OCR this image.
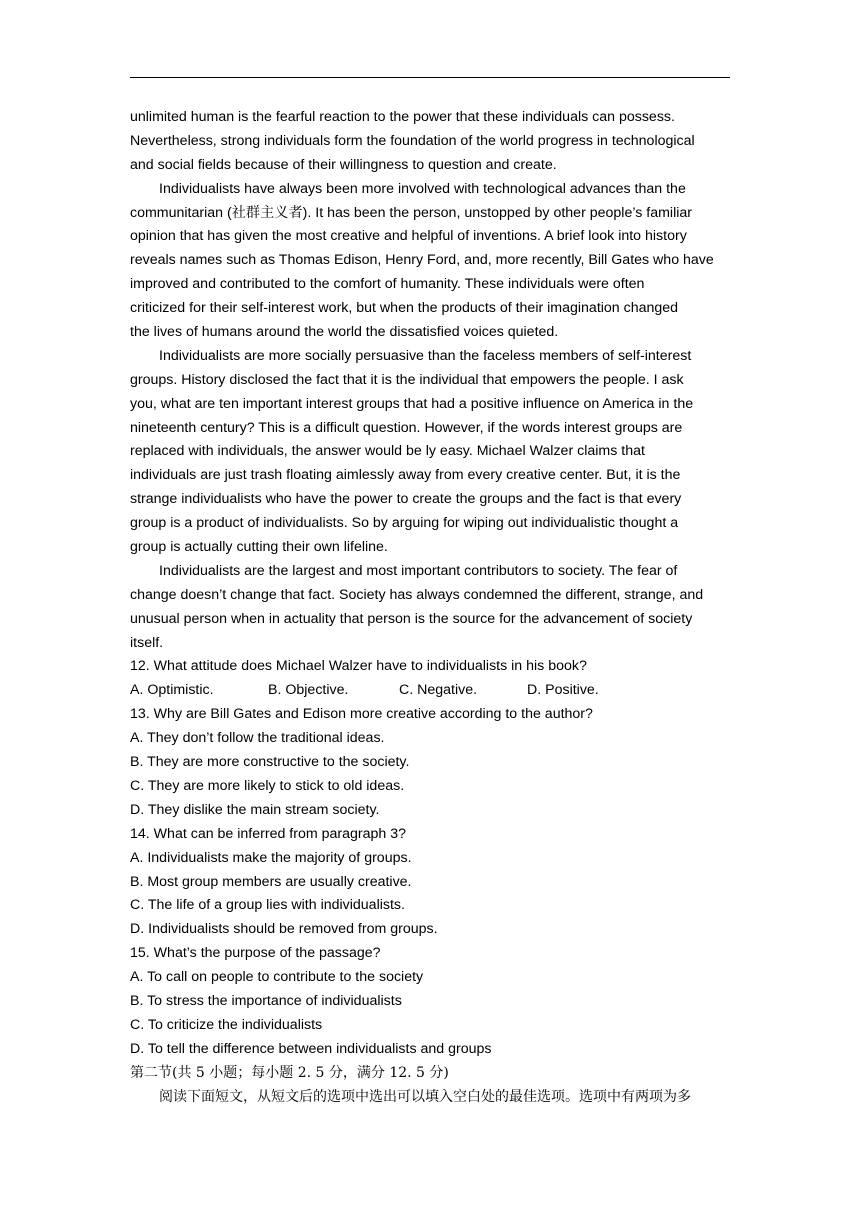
unlimited human is the fearful reaction to the power that these individuals can possess.
Nevertheless, strong individuals form the foundation of the world progress in technological
and social fields because of their willingness to question and create.
Individualists have always been more involved with technological advances than the
communitarian (社群主义者). It has been the person, unstopped by other people’s familiar
opinion that has given the most creative and helpful of inventions. A brief look into history
reveals names such as Thomas Edison, Henry Ford, and, more recently, Bill Gates who have
improved and contributed to the comfort of humanity. These individuals were often
criticized for their self-interest work, but when the products of their imagination changed
the lives of humans around the world the dissatisfied voices quieted.
Individualists are more socially persuasive than the faceless members of self-interest
groups. History disclosed the fact that it is the individual that empowers the people. I ask
you, what are ten important interest groups that had a positive influence on America in the
nineteenth century? This is a difficult question. However, if the words interest groups are
replaced with individuals, the answer would be ly easy. Michael Walzer claims that
individuals are just trash floating aimlessly away from every creative center. But, it is the
strange individualists who have the power to create the groups and the fact is that every
group is a product of individualists. So by arguing for wiping out individualistic thought a
group is actually cutting their own lifeline.
Individualists are the largest and most important contributors to society. The fear of
change doesn’t change that fact. Society has always condemned the different, strange, and
unusual person when in actuality that person is the source for the advancement of society
itself.
12. What attitude does Michael Walzer have to individualists in his book?
A. Optimistic.	B. Objective.	C. Negative.	D. Positive.
13. Why are Bill Gates and Edison more creative according to the author?
A. They don’t follow the traditional ideas.
B. They are more constructive to the society.
C. They are more likely to stick to old ideas.
D. They dislike the main stream society.
14. What can be inferred from paragraph 3?
A. Individualists make the majority of groups.
B. Most group members are usually creative.
C. The life of a group lies with individualists.
D. Individualists should be removed from groups.
15. What’s the purpose of the passage?
A. To call on people to contribute to the society
B. To stress the importance of individualists
C. To criticize the individualists
D. To tell the difference between individualists and groups
第二节(共 5 小题；每小题 2. 5 分，满分 12. 5 分)
阅读下面短文，从短文后的选项中选出可以填入空白处的最佳选项。选项中有两项为多
